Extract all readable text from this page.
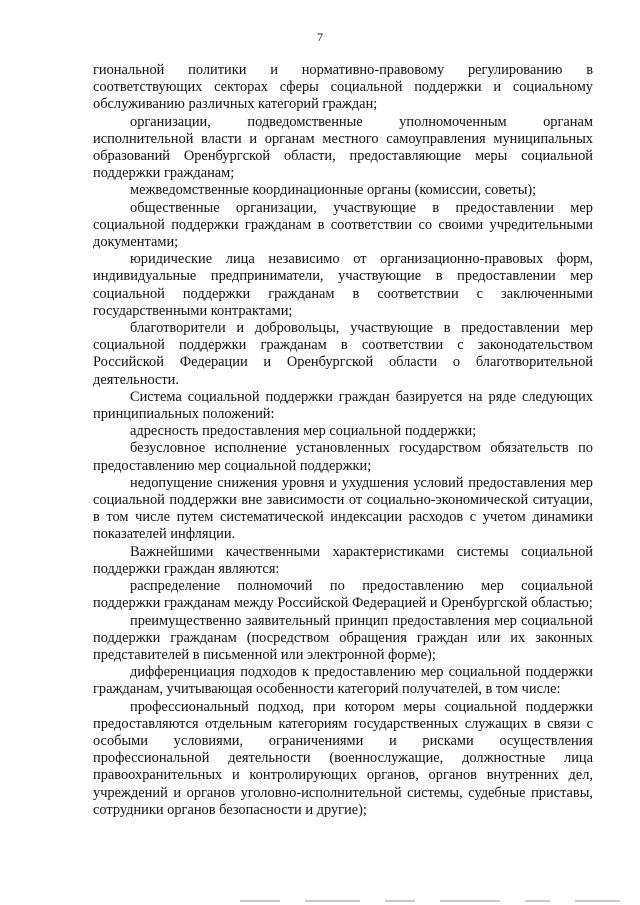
7

гиональной политики и нормативно-правовому регулированию в соответствующих секторах сферы социальной поддержки и социальному обслуживанию различных категорий граждан;

организации, подведомственные уполномоченным органам исполнительной власти и органам местного самоуправления муниципальных образований Оренбургской области, предоставляющие меры социальной поддержки гражданам;

межведомственные координационные органы (комиссии, советы);

общественные организации, участвующие в предоставлении мер социальной поддержки гражданам в соответствии со своими учредительными документами;

юридические лица независимо от организационно-правовых форм, индивидуальные предприниматели, участвующие в предоставлении мер социальной поддержки гражданам в соответствии с заключенными государственными контрактами;

благотворители и добровольцы, участвующие в предоставлении мер социальной поддержки гражданам в соответствии с законодательством Российской Федерации и Оренбургской области о благотворительной деятельности.

Система социальной поддержки граждан базируется на ряде следующих принципиальных положений:

адресность предоставления мер социальной поддержки;

безусловное исполнение установленных государством обязательств по предоставлению мер социальной поддержки;

недопущение снижения уровня и ухудшения условий предоставления мер социальной поддержки вне зависимости от социально-экономической ситуации, в том числе путем систематической индексации расходов с учетом динамики показателей инфляции.

Важнейшими качественными характеристиками системы социальной поддержки граждан являются:

распределение полномочий по предоставлению мер социальной поддержки гражданам между Российской Федерацией и Оренбургской областью;

преимущественно заявительный принцип предоставления мер социальной поддержки гражданам (посредством обращения граждан или их законных представителей в письменной или электронной форме);

дифференциация подходов к предоставлению мер социальной поддержки гражданам, учитывающая особенности категорий получателей, в том числе:

профессиональный подход, при котором меры социальной поддержки предоставляются отдельным категориям государственных служащих в связи с особыми условиями, ограничениями и рисками осуществления профессиональной деятельности (военнослужащие, должностные лица правоохранительных и контролирующих органов, органов внутренних дел, учреждений и органов уголовно-исполнительной системы, судебные приставы, сотрудники органов безопасности и другие);
